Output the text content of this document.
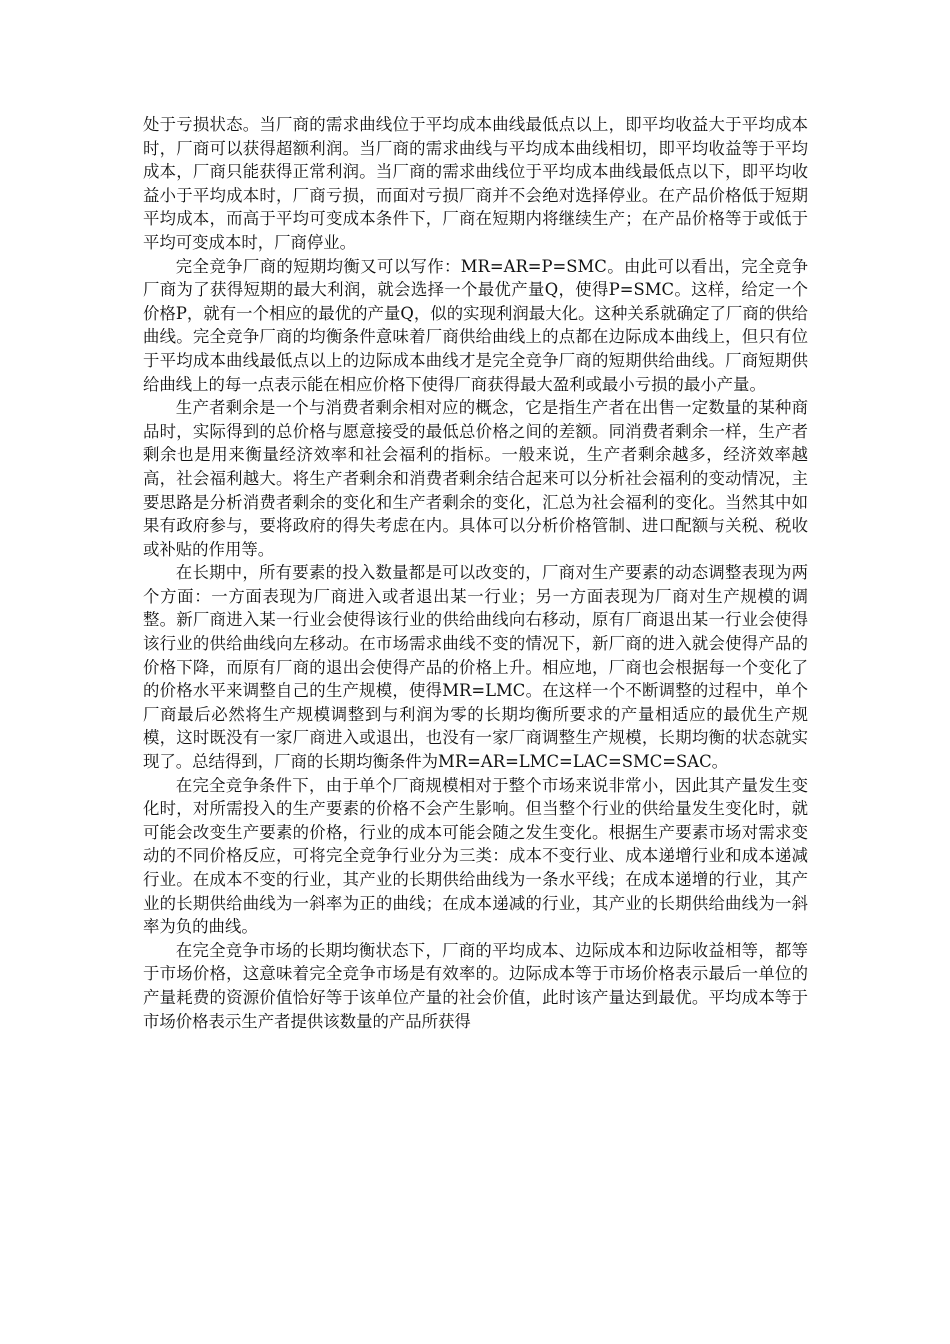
处于亏损状态。当厂商的需求曲线位于平均成本曲线最低点以上，即平均收益大于平均成本时，厂商可以获得超额利润。当厂商的需求曲线与平均成本曲线相切，即平均收益等于平均成本，厂商只能获得正常利润。当厂商的需求曲线位于平均成本曲线最低点以下，即平均收益小于平均成本时，厂商亏损，而面对亏损厂商并不会绝对选择停业。在产品价格低于短期平均成本，而高于平均可变成本条件下，厂商在短期内将继续生产；在产品价格等于或低于平均可变成本时，厂商停业。

完全竞争厂商的短期均衡又可以写作：MR=AR=P=SMC。由此可以看出，完全竞争厂商为了获得短期的最大利润，就会选择一个最优产量Q，使得P=SMC。这样，给定一个价格P，就有一个相应的最优的产量Q，似的实现利润最大化。这种关系就确定了厂商的供给曲线。完全竞争厂商的均衡条件意味着厂商供给曲线上的点都在边际成本曲线上，但只有位于平均成本曲线最低点以上的边际成本曲线才是完全竞争厂商的短期供给曲线。厂商短期供给曲线上的每一点表示能在相应价格下使得厂商获得最大盈利或最小亏损的最小产量。

生产者剩余是一个与消费者剩余相对应的概念，它是指生产者在出售一定数量的某种商品时，实际得到的总价格与愿意接受的最低总价格之间的差额。同消费者剩余一样，生产者剩余也是用来衡量经济效率和社会福利的指标。一般来说，生产者剩余越多，经济效率越高，社会福利越大。将生产者剩余和消费者剩余结合起来可以分析社会福利的变动情况，主要思路是分析消费者剩余的变化和生产者剩余的变化，汇总为社会福利的变化。当然其中如果有政府参与，要将政府的得失考虑在内。具体可以分析价格管制、进口配额与关税、税收或补贴的作用等。

在长期中，所有要素的投入数量都是可以改变的，厂商对生产要素的动态调整表现为两个方面：一方面表现为厂商进入或者退出某一行业；另一方面表现为厂商对生产规模的调整。新厂商进入某一行业会使得该行业的供给曲线向右移动，原有厂商退出某一行业会使得该行业的供给曲线向左移动。在市场需求曲线不变的情况下，新厂商的进入就会使得产品的价格下降，而原有厂商的退出会使得产品的价格上升。相应地，厂商也会根据每一个变化了的价格水平来调整自己的生产规模，使得MR=LMC。在这样一个不断调整的过程中，单个厂商最后必然将生产规模调整到与利润为零的长期均衡所要求的产量相适应的最优生产规模，这时既没有一家厂商进入或退出，也没有一家厂商调整生产规模，长期均衡的状态就实现了。总结得到，厂商的长期均衡条件为MR=AR=LMC=LAC=SMC=SAC。

在完全竞争条件下，由于单个厂商规模相对于整个市场来说非常小，因此其产量发生变化时，对所需投入的生产要素的价格不会产生影响。但当整个行业的供给量发生变化时，就可能会改变生产要素的价格，行业的成本可能会随之发生变化。根据生产要素市场对需求变动的不同价格反应，可将完全竞争行业分为三类：成本不变行业、成本递增行业和成本递减行业。在成本不变的行业，其产业的长期供给曲线为一条水平线；在成本递增的行业，其产业的长期供给曲线为一斜率为正的曲线；在成本递减的行业，其产业的长期供给曲线为一斜率为负的曲线。

在完全竞争市场的长期均衡状态下，厂商的平均成本、边际成本和边际收益相等，都等于市场价格，这意味着完全竞争市场是有效率的。边际成本等于市场价格表示最后一单位的产量耗费的资源价值恰好等于该单位产量的社会价值，此时该产量达到最优。平均成本等于市场价格表示生产者提供该数量的产品所获得
